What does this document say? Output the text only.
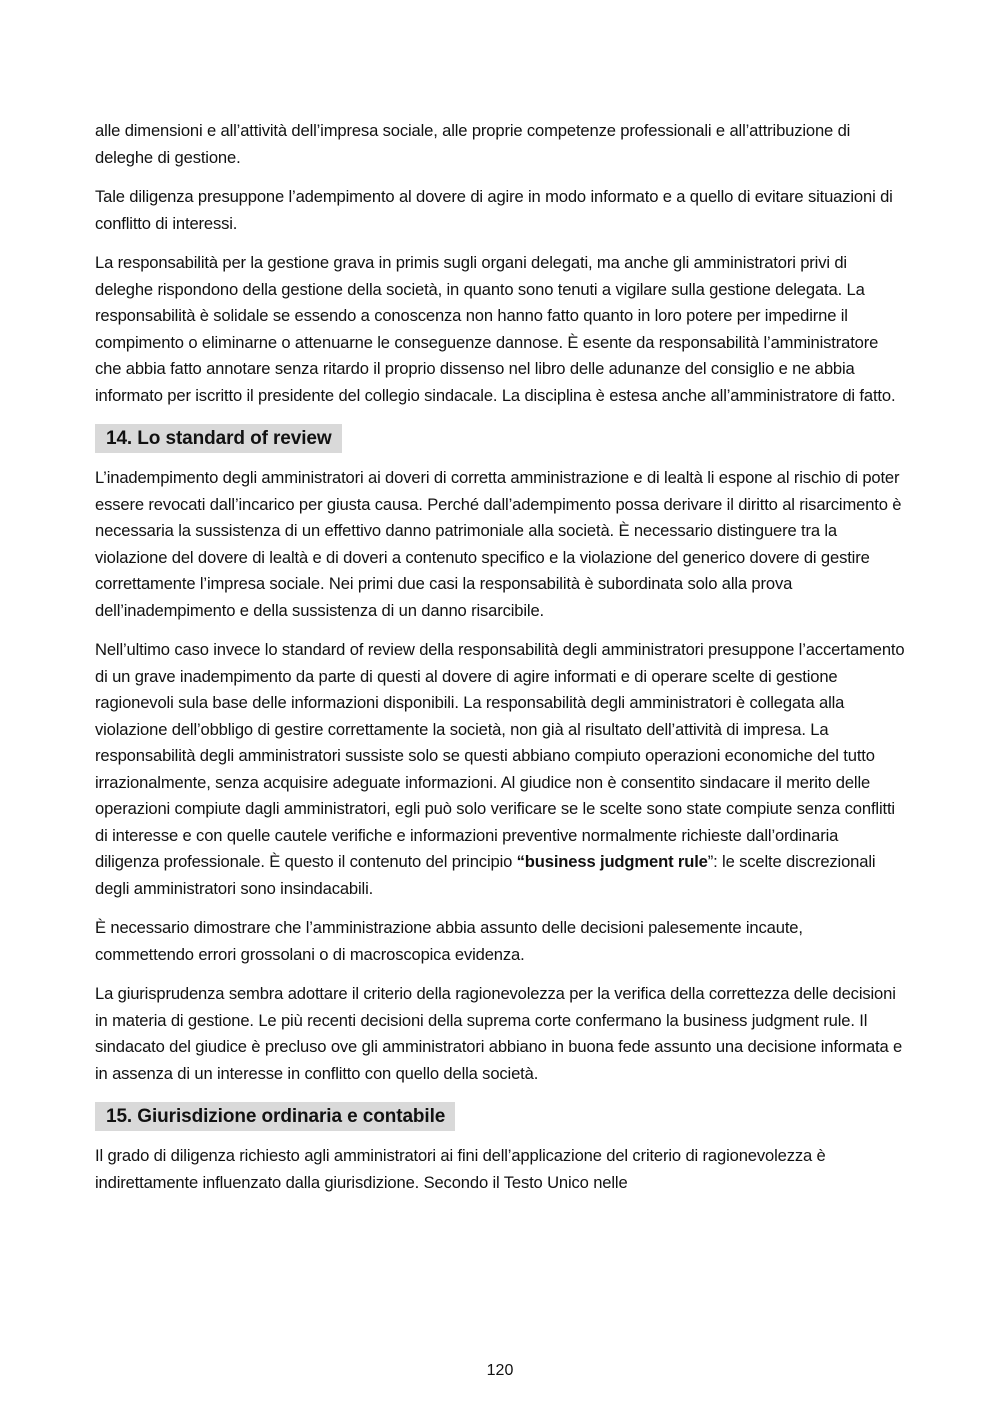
alle dimensioni e all’attività dell’impresa sociale, alle proprie competenze professionali e all’attribuzione di deleghe di gestione.

Tale diligenza presuppone l’adempimento al dovere di agire in modo informato e a quello di evitare situazioni di conflitto di interessi.

La responsabilità per la gestione grava in primis sugli organi delegati, ma anche gli amministratori privi di deleghe rispondono della gestione della società, in quanto sono tenuti a vigilare sulla gestione delegata. La responsabilità è solidale se essendo a conoscenza non hanno fatto quanto in loro potere per impedirne il compimento o eliminarne o attenuarne le conseguenze dannose. È esente da responsabilità l’amministratore che abbia fatto annotare senza ritardo il proprio dissenso nel libro delle adunanze del consiglio e ne abbia informato per iscritto il presidente del collegio sindacale. La disciplina è estesa anche all’amministratore di fatto.

14. Lo standard of review

L’inadempimento degli amministratori ai doveri di corretta amministrazione e di lealtà li espone al rischio di poter essere revocati dall’incarico per giusta causa. Perché dall’adempimento possa derivare il diritto al risarcimento è necessaria la sussistenza di un effettivo danno patrimoniale alla società. È necessario distinguere tra la violazione del dovere di lealtà e di doveri a contenuto specifico e la violazione del generico dovere di gestire correttamente l’impresa sociale. Nei primi due casi la responsabilità è subordinata solo alla prova dell’inadempimento e della sussistenza di un danno risarcibile.

Nell’ultimo caso invece lo standard of review della responsabilità degli amministratori presuppone l’accertamento di un grave inadempimento da parte di questi al dovere di agire informati e di operare scelte di gestione ragionevoli sula base delle informazioni disponibili. La responsabilità degli amministratori è collegata alla violazione dell’obbligo di gestire correttamente la società, non già al risultato dell’attività di impresa. La responsabilità degli amministratori sussiste solo se questi abbiano compiuto operazioni economiche del tutto irrazionalmente, senza acquisire adeguate informazioni. Al giudice non è consentito sindacare il merito delle operazioni compiute dagli amministratori, egli può solo verificare se le scelte sono state compiute senza conflitti di interesse e con quelle cautele verifiche e informazioni preventive normalmente richieste dall’ordinaria diligenza professionale. È questo il contenuto del principio “business judgment rule”: le scelte discrezionali degli amministratori sono insindacabili.

È necessario dimostrare che l’amministrazione abbia assunto delle decisioni palesemente incaute, commettendo errori grossolani o di macroscopica evidenza.

La giurisprudenza sembra adottare il criterio della ragionevolezza per la verifica della correttezza delle decisioni in materia di gestione. Le più recenti decisioni della suprema corte confermano la business judgment rule. Il sindacato del giudice è precluso ove gli amministratori abbiano in buona fede assunto una decisione informata e in assenza di un interesse in conflitto con quello della società.

15. Giurisdizione ordinaria e contabile

Il grado di diligenza richiesto agli amministratori ai fini dell’applicazione del criterio di ragionevolezza è indirettamente influenzato dalla giurisdizione. Secondo il Testo Unico nelle

120
